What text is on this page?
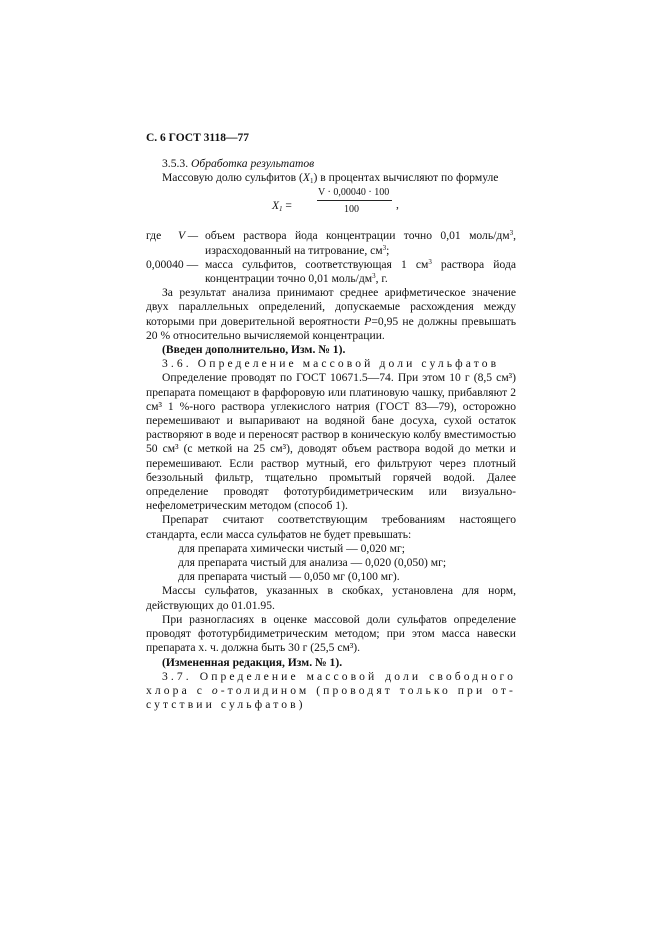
С. 6 ГОСТ 3118—77

3.5.3. Обработка результатов

Массовую долю сульфитов $(X_1)$ в процентах вычисляют по формуле

$X_1$ =
V · 0,00040 · 100
100	,
где V — объем раствора йода концентрации точно 0,01 моль/$дм^3$, израсходованный на титрование, $см^3$;
0,00040 — масса сульфитов, соответствующая 1 $см^3$ раствора йода концентрации точно 0,01 моль/$дм^3$, г.

За результат анализа принимают среднее арифметическое значение двух параллельных определений, допускаемые расхождения между которыми при доверительной вероятности P=0,95 не должны превышать 20 % относительно вычисляемой концентрации.

(Введен дополнительно, Изм. № 1).

3.6. Определение массовой доли сульфатов

Определение проводят по ГОСТ 10671.5—74. При этом 10 г (8,5 см³) препарата помещают в фарфоровую или платиновую чашку, прибавляют 2 см³ 1 %-ного раствора углекислого натрия (ГОСТ 83—79), осторожно перемешивают и выпаривают на водяной бане досуха, сухой остаток растворяют в воде и переносят раствор в коническую колбу вместимостью 50 см³ (с меткой на 25 см³), доводят объем раствора водой до метки и перемешивают. Если раствор мутный, его фильтруют через плотный беззольный фильтр, тщательно промытый горячей водой. Далее определение проводят фототурбидиметрическим или визуально-нефелометрическим методом (способ 1).

Препарат считают соответствующим требованиям настоящего стандарта, если масса сульфатов не будет превышать:

для препарата химически чистый — 0,020 мг;

для препарата чистый для анализа — 0,020 (0,050) мг;

для препарата чистый — 0,050 мг (0,100 мг).

Массы сульфатов, указанных в скобках, установлена для норм, действующих до 01.01.95.

При разногласиях в оценке массовой доли сульфатов определение проводят фототурбидиметрическим методом; при этом масса навески препарата х. ч. должна быть 30 г (25,5 см³).

(Измененная редакция, Изм. № 1).

3.7. Определение массовой доли свободного хлора с о-толидином (проводят только при от-

сутствии сульфатов)
